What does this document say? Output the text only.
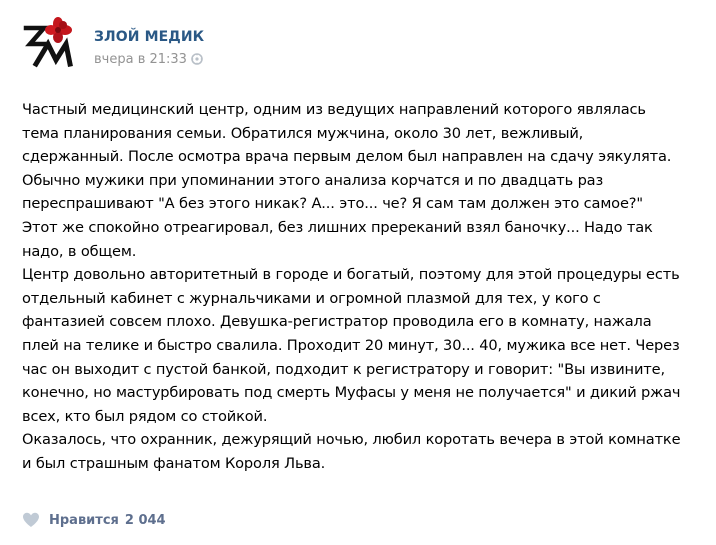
ЗЛОЙ МЕДИК
вчера в 21:33
Частный медицинский центр, одним из ведущих направлений которого являлась
тема планирования семьи. Обратился мужчина, около 30 лет, вежливый,
сдержанный. После осмотра врача первым делом был направлен на сдачу эякулята.
Обычно мужики при упоминании этого анализа корчатся и по двадцать раз
переспрашивают "А без этого никак? А... это... че? Я сам там должен это самое?"
Этот же спокойно отреагировал, без лишних пререканий взял баночку... Надо так
надо, в общем.
Центр довольно авторитетный в городе и богатый, поэтому для этой процедуры есть
отдельный кабинет с журнальчиками и огромной плазмой для тех, у кого с
фантазией совсем плохо. Девушка-регистратор проводила его в комнату, нажала
плей на телике и быстро свалила. Проходит 20 минут, 30... 40, мужика все нет. Через
час он выходит с пустой банкой, подходит к регистратору и говорит: "Вы извините,
конечно, но мастурбировать под смерть Муфасы у меня не получается" и дикий ржач
всех, кто был рядом со стойкой.
Оказалось, что охранник, дежурящий ночью, любил коротать вечера в этой комнатке
и был страшным фанатом Короля Льва.
Нравится 2 044
